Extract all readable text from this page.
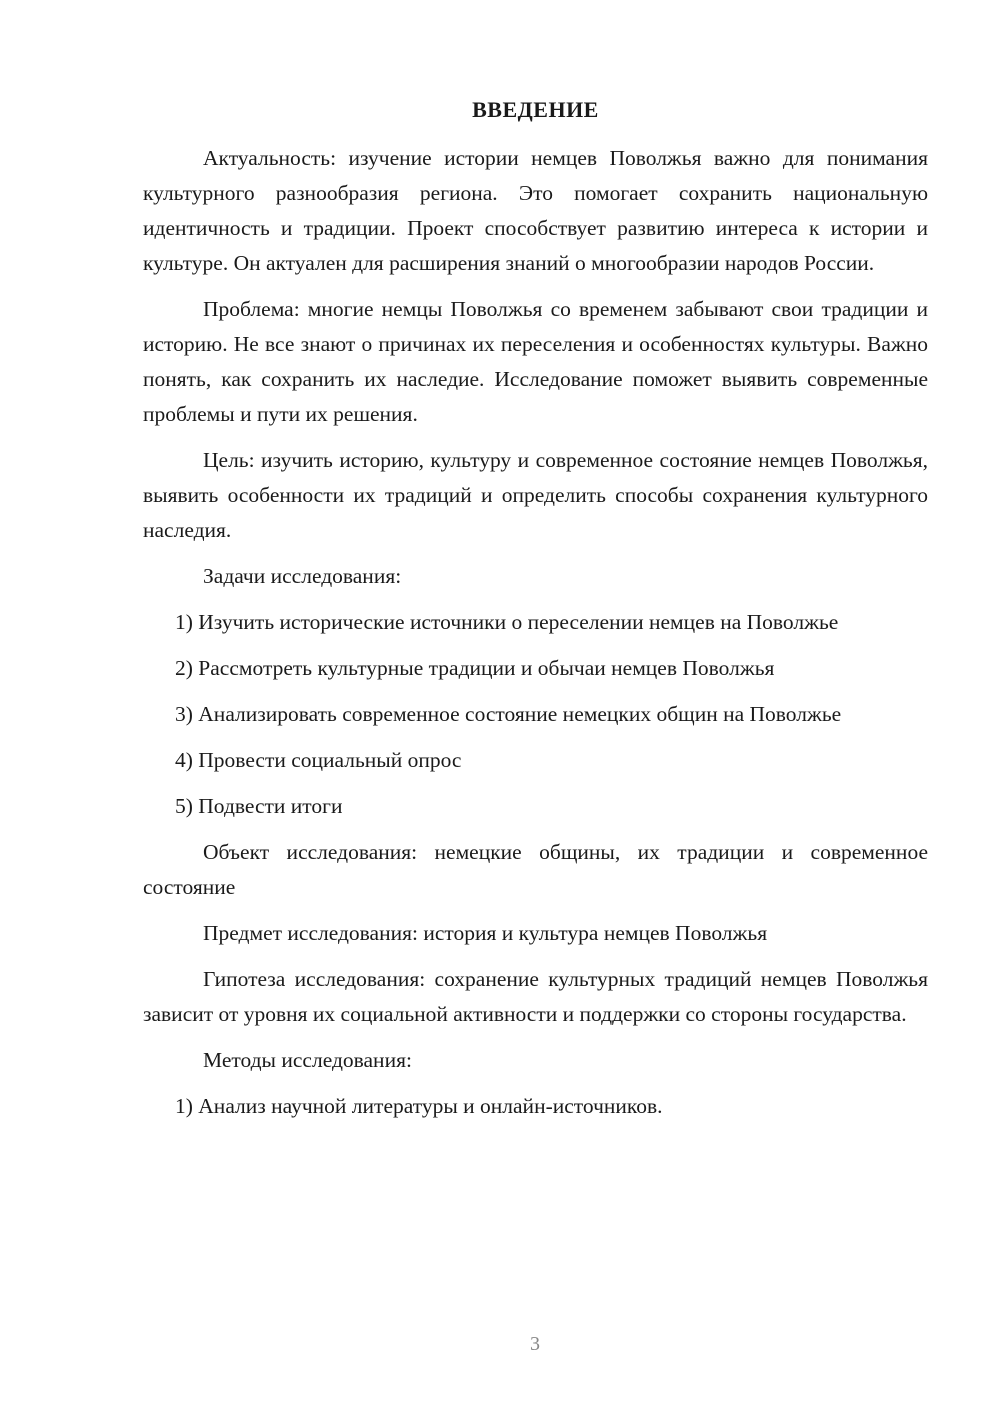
ВВЕДЕНИЕ

Актуальность: изучение истории немцев Поволжья важно для понимания культурного разнообразия региона. Это помогает сохранить национальную идентичность и традиции. Проект способствует развитию интереса к истории и культуре. Он актуален для расширения знаний о многообразии народов России.

Проблема: многие немцы Поволжья со временем забывают свои традиции и историю. Не все знают о причинах их переселения и особенностях культуры. Важно понять, как сохранить их наследие. Исследование поможет выявить современные проблемы и пути их решения.

Цель: изучить историю, культуру и современное состояние немцев Поволжья, выявить особенности их традиций и определить способы сохранения культурного наследия.

Задачи исследования:

1) Изучить исторические источники о переселении немцев на Поволжье

2) Рассмотреть культурные традиции и обычаи немцев Поволжья

3) Анализировать современное состояние немецких общин на Поволжье

4) Провести социальный опрос

5) Подвести итоги

Объект исследования: немецкие общины, их традиции и современное состояние

Предмет исследования: история и культура немцев Поволжья

Гипотеза исследования: сохранение культурных традиций немцев Поволжья зависит от уровня их социальной активности и поддержки со стороны государства.

Методы исследования:

1) Анализ научной литературы и онлайн-источников.

3
